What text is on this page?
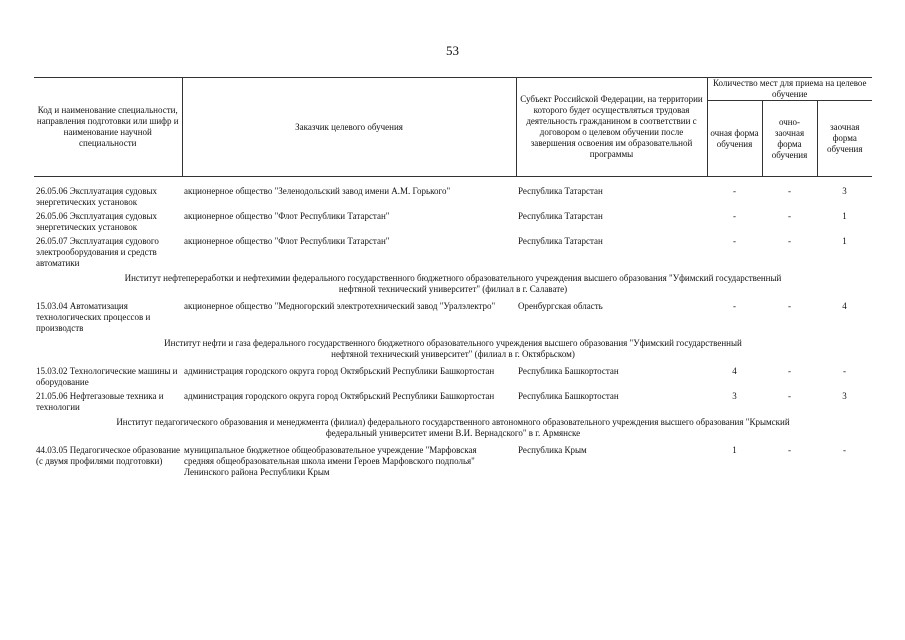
53
Код и наименование специальности, направления подготовки или шифр и наименование научной специальности	Заказчик целевого обучения	Субъект Российской Федерации, на территории которого будет осуществляться трудовая деятельность гражданином в соответствии с договором о целевом обучении после завершения освоения им образовательной программы	Количество мест для приема на целевое обучение		
			очная форма обучения	очно-заочная форма обучения	заочная форма обучения
26.05.06 Эксплуатация судовых энергетических установок	акционерное общество "Зеленодольский завод имени А.М. Горького"	Республика Татарстан	-	-	3
26.05.06 Эксплуатация судовых энергетических установок	акционерное общество "Флот Республики Татарстан"	Республика Татарстан	-	-	1
26.05.07 Эксплуатация судового электрооборудования и средств автоматики	акционерное общество "Флот Республики Татарстан"	Республика Татарстан	-	-	1
Институт нефтепереработки и нефтехимии федерального государственного бюджетного образовательного учреждения высшего образования "Уфимский государственный нефтяной технический университет" (филиал в г. Салавате)					
15.03.04 Автоматизация технологических процессов и производств	акционерное общество "Медногорский электротехнический завод "Уралэлектро"	Оренбургская область	-	-	4
Институт нефти и газа федерального государственного бюджетного образовательного учреждения высшего образования "Уфимский государственный нефтяной технический университет" (филиал в г. Октябрьском)					
15.03.02 Технологические машины и оборудование	администрация городского округа город Октябрьский Республики Башкортостан	Республика Башкортостан	4	-	-
21.05.06 Нефтегазовые техника и технологии	администрация городского округа город Октябрьский Республики Башкортостан	Республика Башкортостан	3	-	3
Институт педагогического образования и менеджмента (филиал) федерального государственного автономного образовательного учреждения высшего образования "Крымский федеральный университет имени В.И. Вернадского" в г. Армянске					
44.03.05 Педагогическое образование (с двумя профилями подготовки)	муниципальное бюджетное общеобразовательное учреждение "Марфовская средняя общеобразовательная школа имени Героев Марфовского подполья" Ленинского района Республики Крым	Республика Крым	1	-	-
